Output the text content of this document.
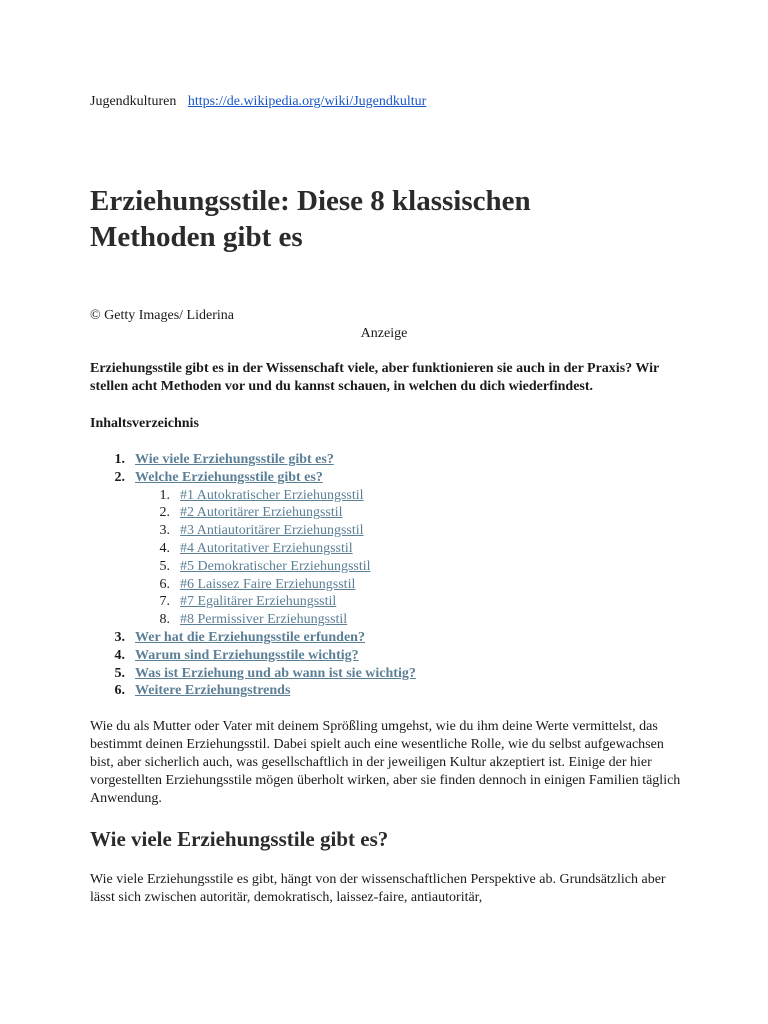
Jugendkulturen https://de.wikipedia.org/wiki/Jugendkultur
Erziehungsstile: Diese 8 klassischen Methoden gibt es
© Getty Images/ Liderina
Anzeige

Erziehungsstile gibt es in der Wissenschaft viele, aber funktionieren sie auch in der Praxis? Wir stellen acht Methoden vor und du kannst schauen, in welchen du dich wiederfindest.

Inhaltsverzeichnis
1. Wie viele Erziehungsstile gibt es?
2. Welche Erziehungsstile gibt es?
1. #1 Autokratischer Erziehungsstil
2. #2 Autoritärer Erziehungsstil
3. #3 Antiautoritärer Erziehungsstil
4. #4 Autoritativer Erziehungsstil
5. #5 Demokratischer Erziehungsstil
6. #6 Laissez Faire Erziehungsstil
7. #7 Egalitärer Erziehungsstil
8. #8 Permissiver Erziehungsstil
3. Wer hat die Erziehungsstile erfunden?
4. Warum sind Erziehungsstile wichtig?
5. Was ist Erziehung und ab wann ist sie wichtig?
6. Weitere Erziehungstrends

Wie du als Mutter oder Vater mit deinem Sprößling umgehst, wie du ihm deine Werte vermittelst, das bestimmt deinen Erziehungsstil. Dabei spielt auch eine wesentliche Rolle, wie du selbst aufgewachsen bist, aber sicherlich auch, was gesellschaftlich in der jeweiligen Kultur akzeptiert ist. Einige der hier vorgestellten Erziehungsstile mögen überholt wirken, aber sie finden dennoch in einigen Familien täglich Anwendung.

Wie viele Erziehungsstile gibt es?

Wie viele Erziehungsstile es gibt, hängt von der wissenschaftlichen Perspektive ab. Grundsätzlich aber lässt sich zwischen autoritär, demokratisch, laissez-faire, antiautoritär,
